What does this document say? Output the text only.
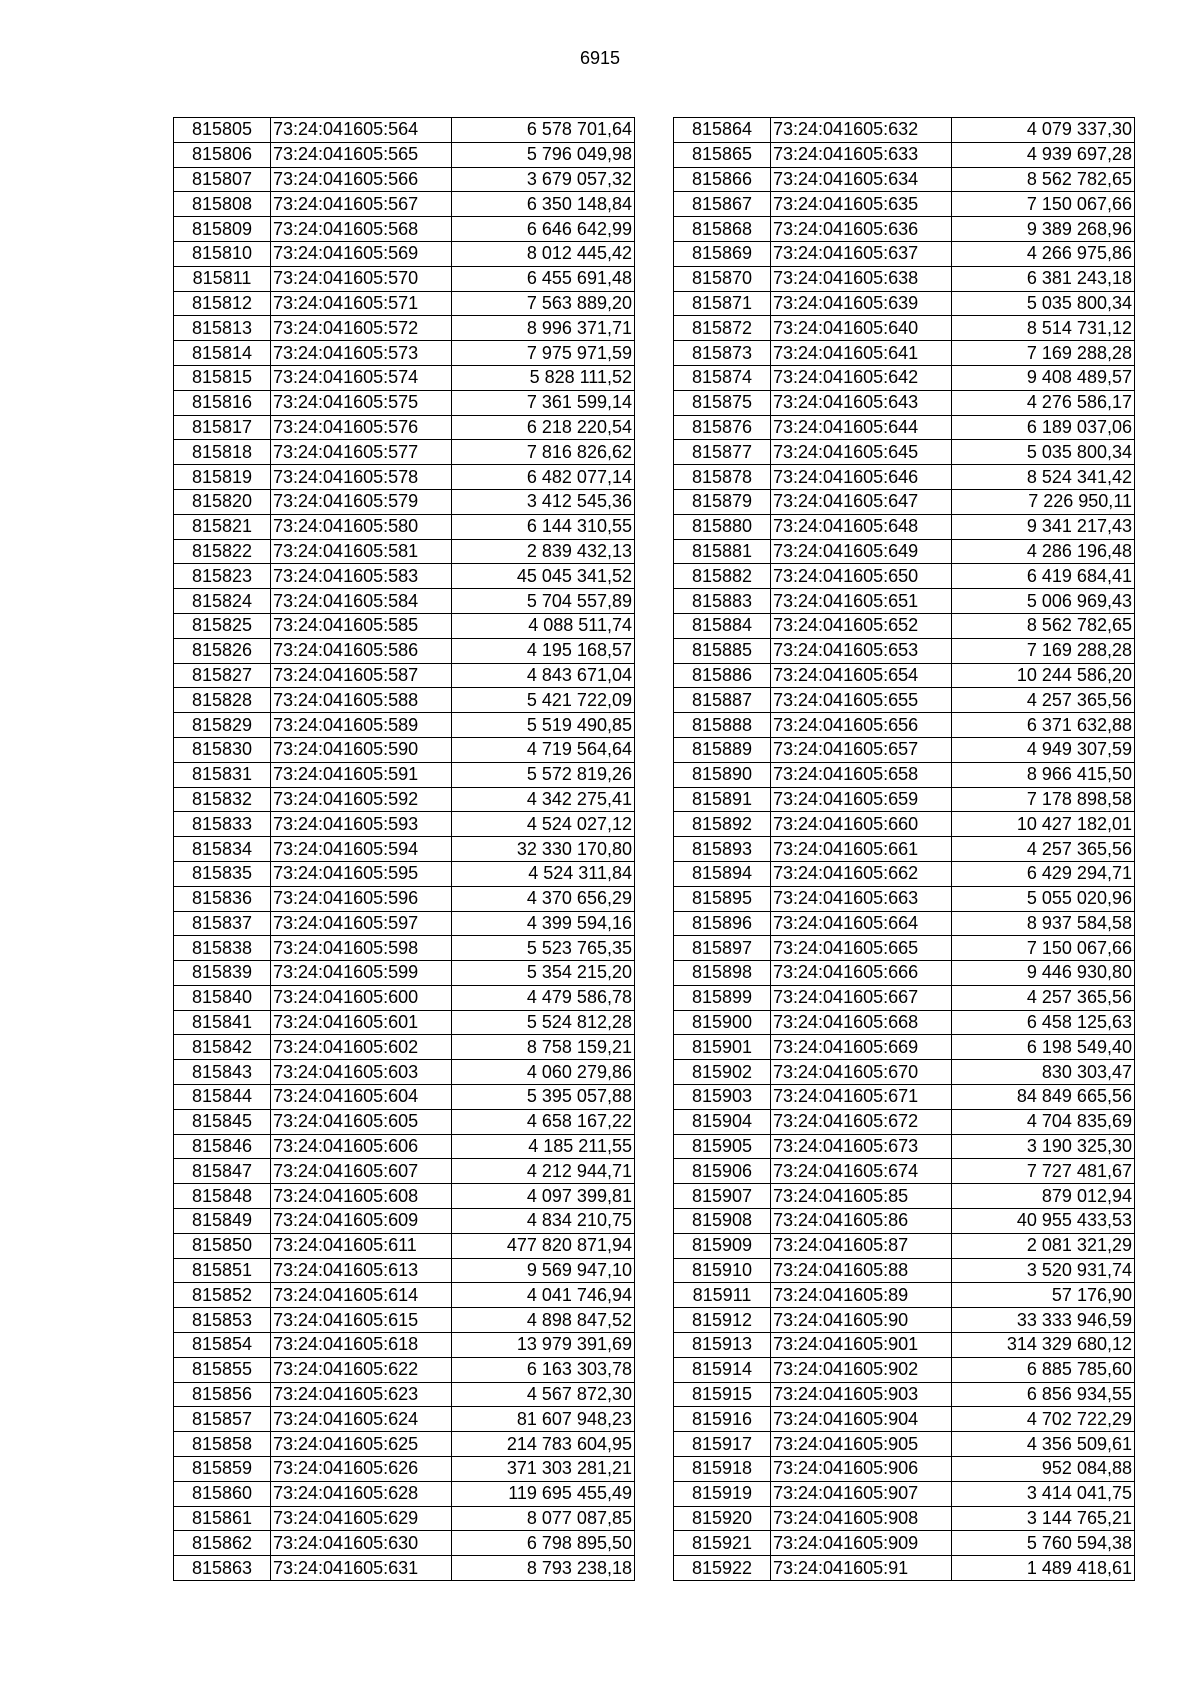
6915
815805	73:24:041605:564	6 578 701,64
815806	73:24:041605:565	5 796 049,98
815807	73:24:041605:566	3 679 057,32
815808	73:24:041605:567	6 350 148,84
815809	73:24:041605:568	6 646 642,99
815810	73:24:041605:569	8 012 445,42
815811	73:24:041605:570	6 455 691,48
815812	73:24:041605:571	7 563 889,20
815813	73:24:041605:572	8 996 371,71
815814	73:24:041605:573	7 975 971,59
815815	73:24:041605:574	5 828 111,52
815816	73:24:041605:575	7 361 599,14
815817	73:24:041605:576	6 218 220,54
815818	73:24:041605:577	7 816 826,62
815819	73:24:041605:578	6 482 077,14
815820	73:24:041605:579	3 412 545,36
815821	73:24:041605:580	6 144 310,55
815822	73:24:041605:581	2 839 432,13
815823	73:24:041605:583	45 045 341,52
815824	73:24:041605:584	5 704 557,89
815825	73:24:041605:585	4 088 511,74
815826	73:24:041605:586	4 195 168,57
815827	73:24:041605:587	4 843 671,04
815828	73:24:041605:588	5 421 722,09
815829	73:24:041605:589	5 519 490,85
815830	73:24:041605:590	4 719 564,64
815831	73:24:041605:591	5 572 819,26
815832	73:24:041605:592	4 342 275,41
815833	73:24:041605:593	4 524 027,12
815834	73:24:041605:594	32 330 170,80
815835	73:24:041605:595	4 524 311,84
815836	73:24:041605:596	4 370 656,29
815837	73:24:041605:597	4 399 594,16
815838	73:24:041605:598	5 523 765,35
815839	73:24:041605:599	5 354 215,20
815840	73:24:041605:600	4 479 586,78
815841	73:24:041605:601	5 524 812,28
815842	73:24:041605:602	8 758 159,21
815843	73:24:041605:603	4 060 279,86
815844	73:24:041605:604	5 395 057,88
815845	73:24:041605:605	4 658 167,22
815846	73:24:041605:606	4 185 211,55
815847	73:24:041605:607	4 212 944,71
815848	73:24:041605:608	4 097 399,81
815849	73:24:041605:609	4 834 210,75
815850	73:24:041605:611	477 820 871,94
815851	73:24:041605:613	9 569 947,10
815852	73:24:041605:614	4 041 746,94
815853	73:24:041605:615	4 898 847,52
815854	73:24:041605:618	13 979 391,69
815855	73:24:041605:622	6 163 303,78
815856	73:24:041605:623	4 567 872,30
815857	73:24:041605:624	81 607 948,23
815858	73:24:041605:625	214 783 604,95
815859	73:24:041605:626	371 303 281,21
815860	73:24:041605:628	119 695 455,49
815861	73:24:041605:629	8 077 087,85
815862	73:24:041605:630	6 798 895,50
815863	73:24:041605:631	8 793 238,18
815864	73:24:041605:632	4 079 337,30
815865	73:24:041605:633	4 939 697,28
815866	73:24:041605:634	8 562 782,65
815867	73:24:041605:635	7 150 067,66
815868	73:24:041605:636	9 389 268,96
815869	73:24:041605:637	4 266 975,86
815870	73:24:041605:638	6 381 243,18
815871	73:24:041605:639	5 035 800,34
815872	73:24:041605:640	8 514 731,12
815873	73:24:041605:641	7 169 288,28
815874	73:24:041605:642	9 408 489,57
815875	73:24:041605:643	4 276 586,17
815876	73:24:041605:644	6 189 037,06
815877	73:24:041605:645	5 035 800,34
815878	73:24:041605:646	8 524 341,42
815879	73:24:041605:647	7 226 950,11
815880	73:24:041605:648	9 341 217,43
815881	73:24:041605:649	4 286 196,48
815882	73:24:041605:650	6 419 684,41
815883	73:24:041605:651	5 006 969,43
815884	73:24:041605:652	8 562 782,65
815885	73:24:041605:653	7 169 288,28
815886	73:24:041605:654	10 244 586,20
815887	73:24:041605:655	4 257 365,56
815888	73:24:041605:656	6 371 632,88
815889	73:24:041605:657	4 949 307,59
815890	73:24:041605:658	8 966 415,50
815891	73:24:041605:659	7 178 898,58
815892	73:24:041605:660	10 427 182,01
815893	73:24:041605:661	4 257 365,56
815894	73:24:041605:662	6 429 294,71
815895	73:24:041605:663	5 055 020,96
815896	73:24:041605:664	8 937 584,58
815897	73:24:041605:665	7 150 067,66
815898	73:24:041605:666	9 446 930,80
815899	73:24:041605:667	4 257 365,56
815900	73:24:041605:668	6 458 125,63
815901	73:24:041605:669	6 198 549,40
815902	73:24:041605:670	830 303,47
815903	73:24:041605:671	84 849 665,56
815904	73:24:041605:672	4 704 835,69
815905	73:24:041605:673	3 190 325,30
815906	73:24:041605:674	7 727 481,67
815907	73:24:041605:85	879 012,94
815908	73:24:041605:86	40 955 433,53
815909	73:24:041605:87	2 081 321,29
815910	73:24:041605:88	3 520 931,74
815911	73:24:041605:89	57 176,90
815912	73:24:041605:90	33 333 946,59
815913	73:24:041605:901	314 329 680,12
815914	73:24:041605:902	6 885 785,60
815915	73:24:041605:903	6 856 934,55
815916	73:24:041605:904	4 702 722,29
815917	73:24:041605:905	4 356 509,61
815918	73:24:041605:906	952 084,88
815919	73:24:041605:907	3 414 041,75
815920	73:24:041605:908	3 144 765,21
815921	73:24:041605:909	5 760 594,38
815922	73:24:041605:91	1 489 418,61
